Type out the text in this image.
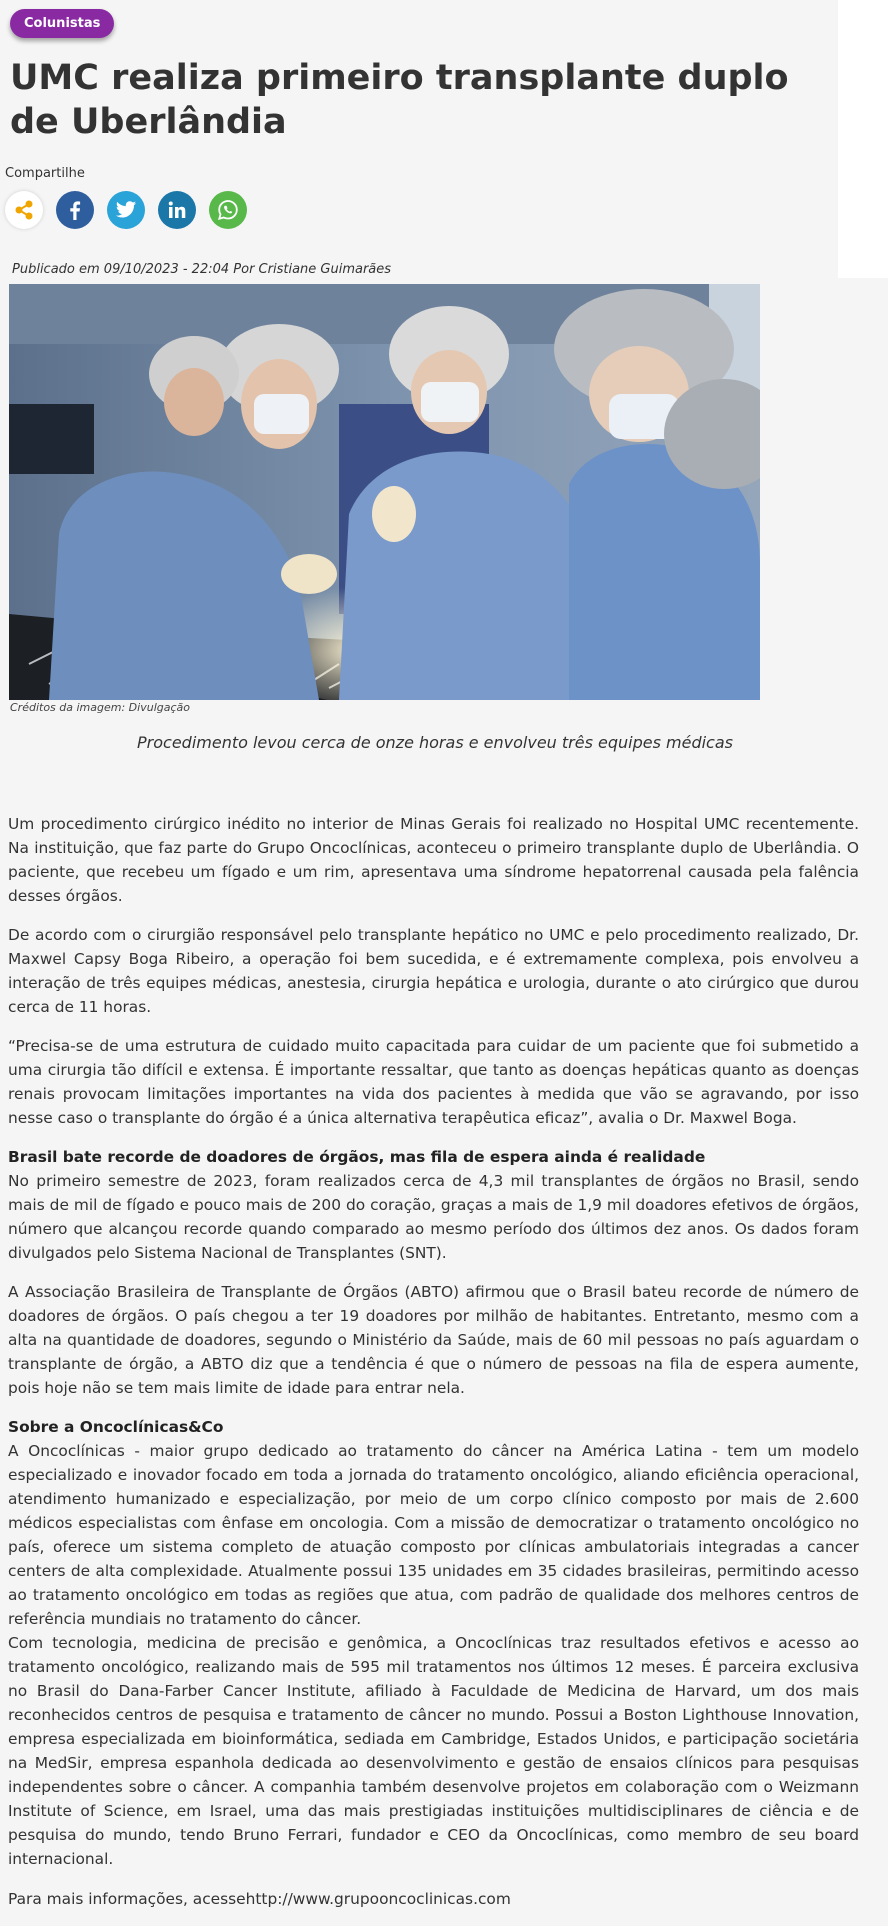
Colunistas
UMC realiza primeiro transplante duplo de Uberlândia
Compartilhe
Publicado em 09/10/2023 - 22:04 Por Cristiane Guimarães
Créditos da imagem: Divulgação
Procedimento levou cerca de onze horas e envolveu três equipes médicas

Um procedimento cirúrgico inédito no interior de Minas Gerais foi realizado no Hospital UMC recentemente. Na instituição, que faz parte do Grupo Oncoclínicas, aconteceu o primeiro transplante duplo de Uberlândia. O paciente, que recebeu um fígado e um rim, apresentava uma síndrome hepatorrenal causada pela falência desses órgãos.

De acordo com o cirurgião responsável pelo transplante hepático no UMC e pelo procedimento realizado, Dr. Maxwel Capsy Boga Ribeiro, a operação foi bem sucedida, e é extremamente complexa, pois envolveu a interação de três equipes médicas, anestesia, cirurgia hepática e urologia, durante o ato cirúrgico que durou cerca de 11 horas.

“Precisa-se de uma estrutura de cuidado muito capacitada para cuidar de um paciente que foi submetido a uma cirurgia tão difícil e extensa. É importante ressaltar, que tanto as doenças hepáticas quanto as doenças renais provocam limitações importantes na vida dos pacientes à medida que vão se agravando, por isso nesse caso o transplante do órgão é a única alternativa terapêutica eficaz”, avalia o Dr. Maxwel Boga.

Brasil bate recorde de doadores de órgãos, mas fila de espera ainda é realidade

No primeiro semestre de 2023, foram realizados cerca de 4,3 mil transplantes de órgãos no Brasil, sendo mais de mil de fígado e pouco mais de 200 do coração, graças a mais de 1,9 mil doadores efetivos de órgãos, número que alcançou recorde quando comparado ao mesmo período dos últimos dez anos. Os dados foram divulgados pelo Sistema Nacional de Transplantes (SNT).

A Associação Brasileira de Transplante de Órgãos (ABTO) afirmou que o Brasil bateu recorde de número de doadores de órgãos. O país chegou a ter 19 doadores por milhão de habitantes. Entretanto, mesmo com a alta na quantidade de doadores, segundo o Ministério da Saúde, mais de 60 mil pessoas no país aguardam o transplante de órgão, a ABTO diz que a tendência é que o número de pessoas na fila de espera aumente, pois hoje não se tem mais limite de idade para entrar nela.

Sobre a Oncoclínicas&Co

A Oncoclínicas - maior grupo dedicado ao tratamento do câncer na América Latina - tem um modelo especializado e inovador focado em toda a jornada do tratamento oncológico, aliando eficiência operacional, atendimento humanizado e especialização, por meio de um corpo clínico composto por mais de 2.600 médicos especialistas com ênfase em oncologia. Com a missão de democratizar o tratamento oncológico no país, oferece um sistema completo de atuação composto por clínicas ambulatoriais integradas a cancer centers de alta complexidade. Atualmente possui 135 unidades em 35 cidades brasileiras, permitindo acesso ao tratamento oncológico em todas as regiões que atua, com padrão de qualidade dos melhores centros de referência mundiais no tratamento do câncer.

Com tecnologia, medicina de precisão e genômica, a Oncoclínicas traz resultados efetivos e acesso ao tratamento oncológico, realizando mais de 595 mil tratamentos nos últimos 12 meses. É parceira exclusiva no Brasil do Dana-Farber Cancer Institute, afiliado à Faculdade de Medicina de Harvard, um dos mais reconhecidos centros de pesquisa e tratamento de câncer no mundo. Possui a Boston Lighthouse Innovation, empresa especializada em bioinformática, sediada em Cambridge, Estados Unidos, e participação societária na MedSir, empresa espanhola dedicada ao desenvolvimento e gestão de ensaios clínicos para pesquisas independentes sobre o câncer. A companhia também desenvolve projetos em colaboração com o Weizmann Institute of Science, em Israel, uma das mais prestigiadas instituições multidisciplinares de ciência e de pesquisa do mundo, tendo Bruno Ferrari, fundador e CEO da Oncoclínicas, como membro de seu board internacional.

Para mais informações, acessehttp://www.grupooncoclinicas.com
